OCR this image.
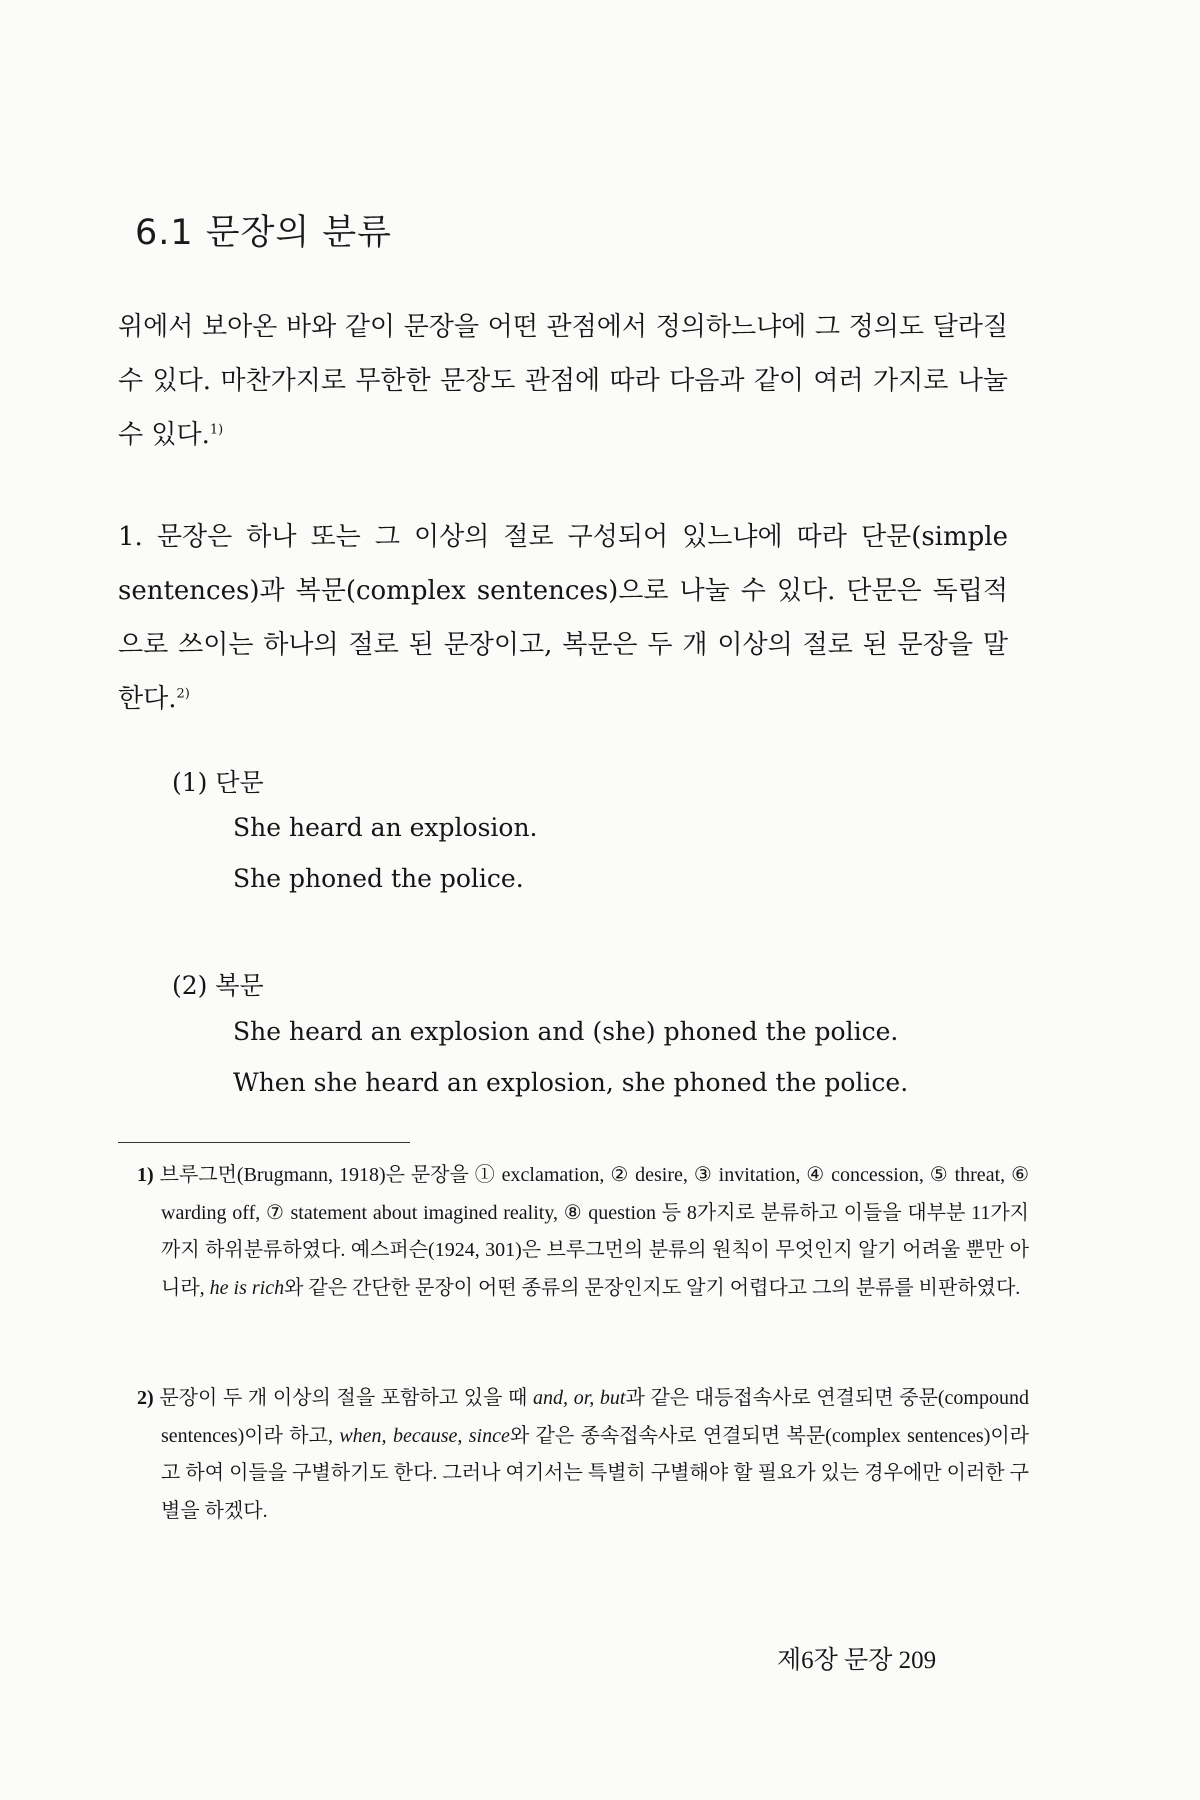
6.1 문장의 분류

위에서 보아온 바와 같이 문장을 어떤 관점에서 정의하느냐에 그 정의도 달라질 수 있다. 마찬가지로 무한한 문장도 관점에 따라 다음과 같이 여러 가지로 나눌 수 있다.$^{1)}$

1. 문장은 하나 또는 그 이상의 절로 구성되어 있느냐에 따라 단문(simple sentences)과 복문(complex sentences)으로 나눌 수 있다. 단문은 독립적으로 쓰이는 하나의 절로 된 문장이고, 복문은 두 개 이상의 절로 된 문장을 말한다.$^{2)}$

(1) 단문

She heard an explosion.

She phoned the police.

(2) 복문

She heard an explosion and (she) phoned the police.

When she heard an explosion, she phoned the police.

1) 브루그먼(Brugmann, 1918)은 문장을 ① exclamation, ② desire, ③ invitation, ④ concession, ⑤ threat, ⑥ warding off, ⑦ statement about imagined reality, ⑧ question 등 8가지로 분류하고 이들을 대부분 11가지까지 하위분류하였다. 예스퍼슨(1924, 301)은 브루그먼의 분류의 원칙이 무엇인지 알기 어려울 뿐만 아니라, he is rich와 같은 간단한 문장이 어떤 종류의 문장인지도 알기 어렵다고 그의 분류를 비판하였다.

2) 문장이 두 개 이상의 절을 포함하고 있을 때 and, or, but과 같은 대등접속사로 연결되면 중문(compound sentences)이라 하고, when, because, since와 같은 종속접속사로 연결되면 복문(complex sentences)이라고 하여 이들을 구별하기도 한다. 그러나 여기서는 특별히 구별해야 할 필요가 있는 경우에만 이러한 구별을 하겠다.

제6장 문장 209
